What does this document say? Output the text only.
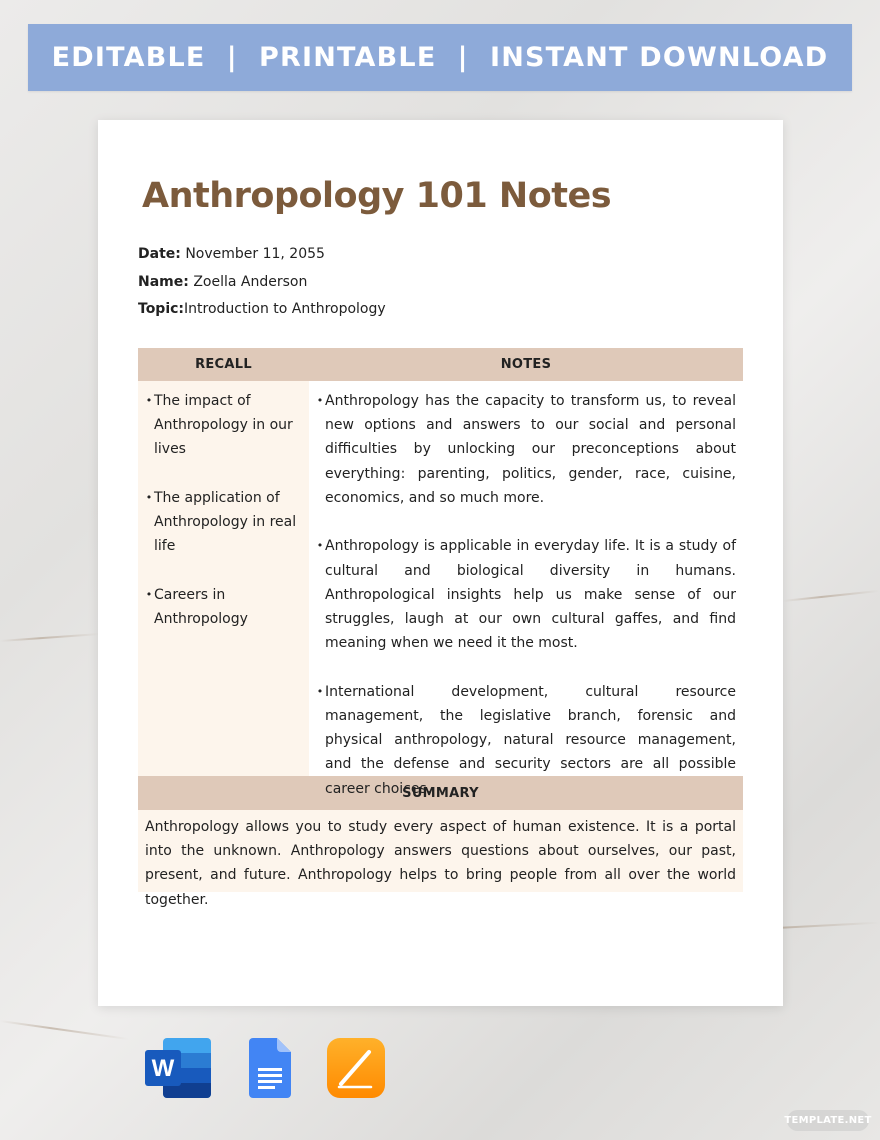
EDITABLE  |  PRINTABLE  |  INSTANT DOWNLOAD
Anthropology 101 Notes
Date: November 11, 2055
Name: Zoella Anderson
Topic:Introduction to Anthropology
RECALL	NOTES
• The impact of Anthropology in our lives
• The application of Anthropology in real life
• Careers in Anthropology
• Anthropology has the capacity to transform us, to reveal new options and answers to our social and personal difficulties by unlocking our preconceptions about everything: parenting, politics, gender, race, cuisine, economics, and so much more.
• Anthropology is applicable in everyday life. It is a study of cultural and biological diversity in humans. Anthropological insights help us make sense of our struggles, laugh at our own cultural gaffes, and find meaning when we need it the most.
• International development, cultural resource management, the legislative branch, forensic and physical anthropology, natural resource management, and the defense and security sectors are all possible career choices.
SUMMARY
Anthropology allows you to study every aspect of human existence. It is a portal into the unknown. Anthropology answers questions about ourselves, our past, present, and future. Anthropology helps to bring people from all over the world together.
W
TEMPLATE.NET
